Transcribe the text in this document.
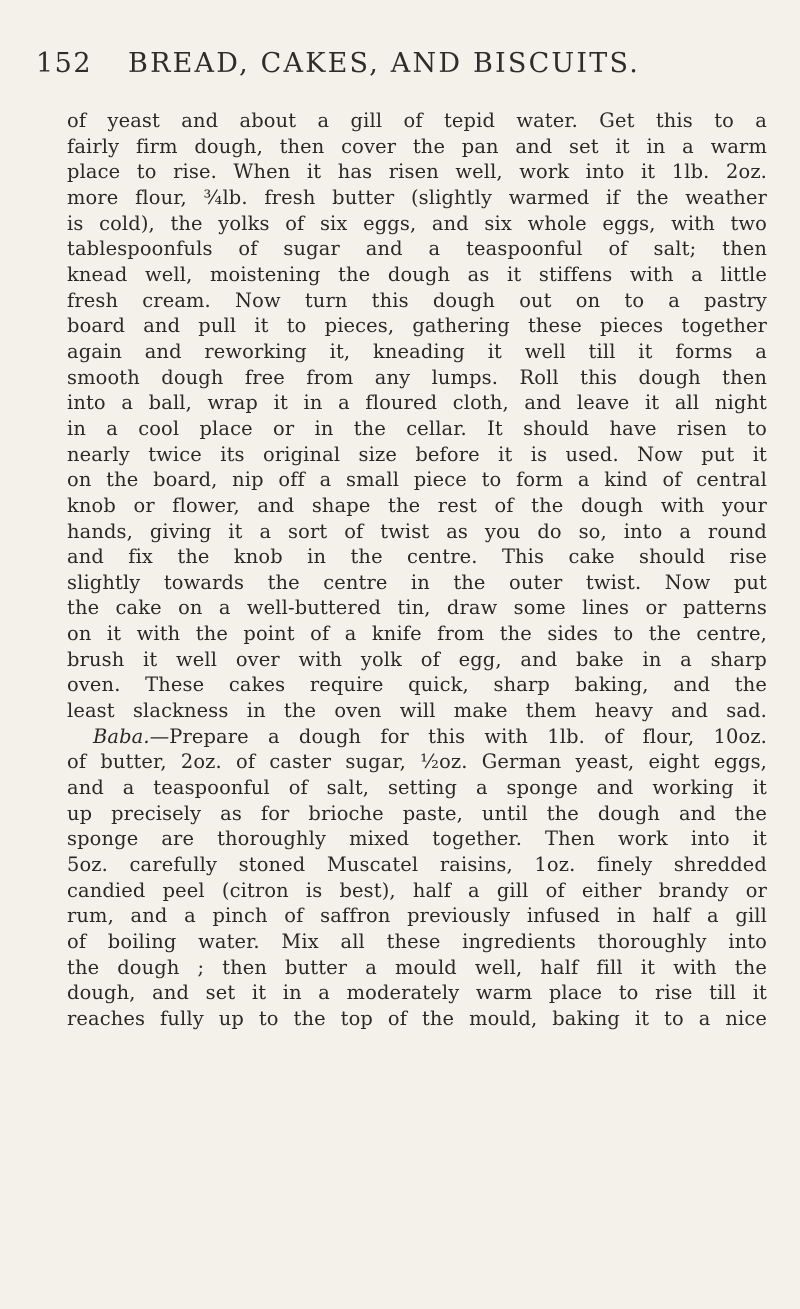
152 BREAD, CAKES, AND BISCUITS.
of yeast and about a gill of tepid water. Get this to a
fairly firm dough, then cover the pan and set it in a warm
place to rise. When it has risen well, work into it 1lb. 2oz.
more flour, ¾lb. fresh butter (slightly warmed if the weather
is cold), the yolks of six eggs, and six whole eggs, with two
tablespoonfuls of sugar and a teaspoonful of salt; then
knead well, moistening the dough as it stiffens with a little
fresh cream. Now turn this dough out on to a pastry
board and pull it to pieces, gathering these pieces together
again and reworking it, kneading it well till it forms a
smooth dough free from any lumps. Roll this dough then
into a ball, wrap it in a floured cloth, and leave it all night
in a cool place or in the cellar. It should have risen to
nearly twice its original size before it is used. Now put it
on the board, nip off a small piece to form a kind of central
knob or flower, and shape the rest of the dough with your
hands, giving it a sort of twist as you do so, into a round
and fix the knob in the centre. This cake should rise
slightly towards the centre in the outer twist. Now put
the cake on a well-buttered tin, draw some lines or patterns
on it with the point of a knife from the sides to the centre,
brush it well over with yolk of egg, and bake in a sharp
oven. These cakes require quick, sharp baking, and the
least slackness in the oven will make them heavy and sad.
Baba.—Prepare a dough for this with 1lb. of flour, 10oz.
of butter, 2oz. of caster sugar, ½oz. German yeast, eight eggs,
and a teaspoonful of salt, setting a sponge and working it
up precisely as for brioche paste, until the dough and the
sponge are thoroughly mixed together. Then work into it
5oz. carefully stoned Muscatel raisins, 1oz. finely shredded
candied peel (citron is best), half a gill of either brandy or
rum, and a pinch of saffron previously infused in half a gill
of boiling water. Mix all these ingredients thoroughly into
the dough ; then butter a mould well, half fill it with the
dough, and set it in a moderately warm place to rise till it
reaches fully up to the top of the mould, baking it to a nice
